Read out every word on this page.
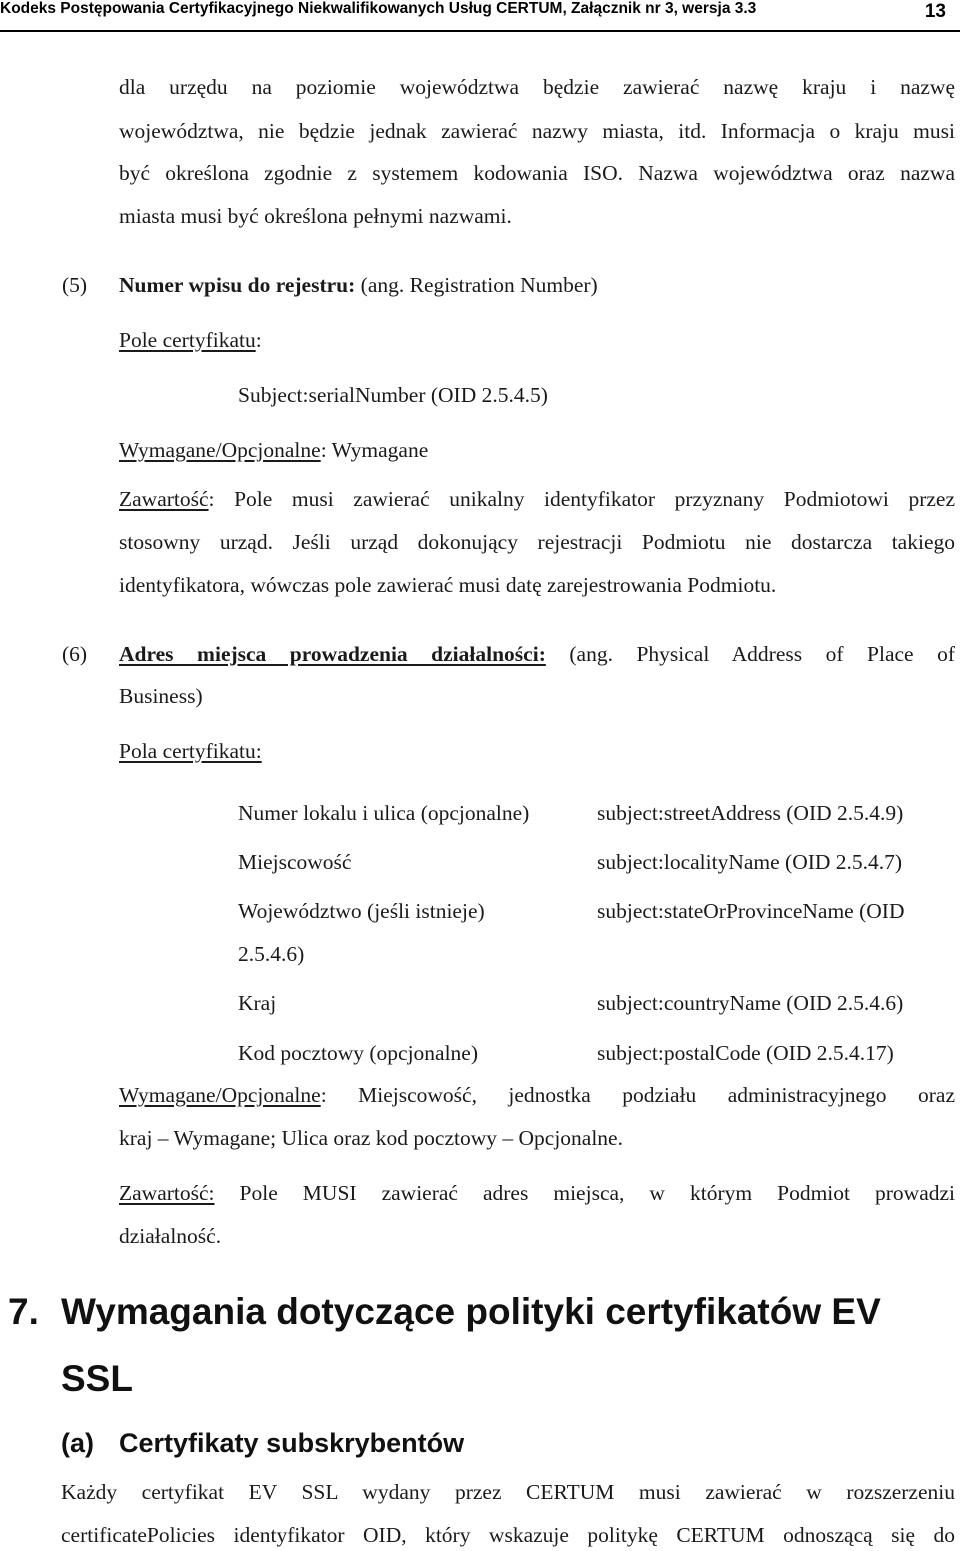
Kodeks Postępowania Certyfikacyjnego Niekwalifikowanych Usług CERTUM, Załącznik nr 3, wersja 3.3	13
dla urzędu na poziomie województwa będzie zawierać nazwę kraju i nazwę
województwa, nie będzie jednak zawierać nazwy miasta, itd. Informacja o kraju musi
być określona zgodnie z systemem kodowania ISO. Nazwa województwa oraz nazwa
miasta musi być określona pełnymi nazwami.
(5) Numer wpisu do rejestru: (ang. Registration Number)
Pole certyfikatu:
Subject:serialNumber (OID 2.5.4.5)
Wymagane/Opcjonalne: Wymagane
Zawartość: Pole musi zawierać unikalny identyfikator przyznany Podmiotowi przez
stosowny urząd. Jeśli urząd dokonujący rejestracji Podmiotu nie dostarcza takiego
identyfikatora, wówczas pole zawierać musi datę zarejestrowania Podmiotu.
(6) Adres miejsca prowadzenia działalności: (ang. Physical Address of Place of
Business)
Pola certyfikatu:
Numer lokalu i ulica (opcjonalne)	subject:streetAddress (OID 2.5.4.9)
Miejscowość	subject:localityName (OID 2.5.4.7)
Województwo (jeśli istnieje)	subject:stateOrProvinceName (OID
2.5.4.6)
Kraj	subject:countryName (OID 2.5.4.6)
Kod pocztowy (opcjonalne)	subject:postalCode (OID 2.5.4.17)
Wymagane/Opcjonalne: Miejscowość, jednostka podziału administracyjnego oraz
kraj – Wymagane; Ulica oraz kod pocztowy – Opcjonalne.
Zawartość: Pole MUSI zawierać adres miejsca, w którym Podmiot prowadzi
działalność.
7. Wymagania dotyczące polityki certyfikatów EV
SSL
(a) Certyfikaty subskrybentów
Każdy certyfikat EV SSL wydany przez CERTUM musi zawierać w rozszerzeniu
certificatePolicies identyfikator OID, który wskazuje politykę CERTUM odnoszącą się do
